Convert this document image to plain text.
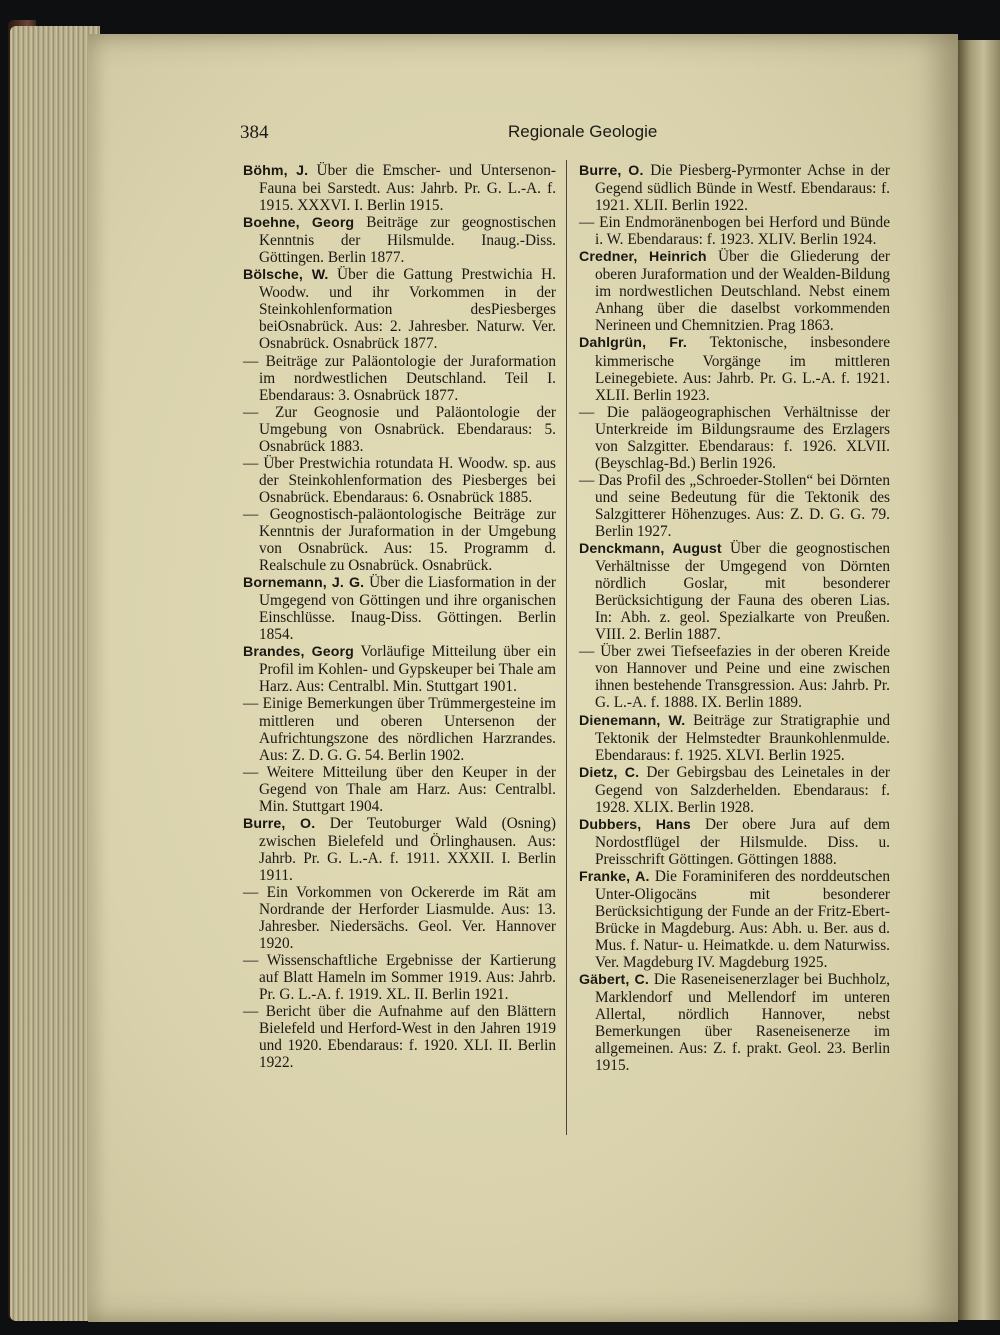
384	Regionale Geologie

Böhm, J. Über die Emscher- und Untersenon-Fauna bei Sarstedt. Aus: Jahrb. Pr. G. L.-A. f. 1915. XXXVI. I. Berlin 1915.

Boehne, Georg Beiträge zur geognostischen Kenntnis der Hilsmulde. Inaug.-Diss. Göttingen. Berlin 1877.

Bölsche, W. Über die Gattung Prestwichia H. Woodw. und ihr Vorkommen in der Steinkohlenformation desPiesberges beiOsnabrück. Aus: 2. Jahresber. Naturw. Ver. Osnabrück. Osnabrück 1877.

— Beiträge zur Paläontologie der Juraformation im nordwestlichen Deutschland. Teil I. Ebendaraus: 3. Osnabrück 1877.

— Zur Geognosie und Paläontologie der Umgebung von Osnabrück. Ebendaraus: 5. Osnabrück 1883.

— Über Prestwichia rotundata H. Woodw. sp. aus der Steinkohlenformation des Piesberges bei Osnabrück. Ebendaraus: 6. Osnabrück 1885.

— Geognostisch-paläontologische Beiträge zur Kenntnis der Juraformation in der Umgebung von Osnabrück. Aus: 15. Programm d. Realschule zu Osnabrück. Osnabrück.

Bornemann, J. G. Über die Liasformation in der Umgegend von Göttingen und ihre organischen Einschlüsse. Inaug-Diss. Göttingen. Berlin 1854.

Brandes, Georg Vorläufige Mitteilung über ein Profil im Kohlen- und Gypskeuper bei Thale am Harz. Aus: Centralbl. Min. Stuttgart 1901.

— Einige Bemerkungen über Trümmergesteine im mittleren und oberen Untersenon der Aufrichtungszone des nördlichen Harzrandes. Aus: Z. D. G. G. 54. Berlin 1902.

— Weitere Mitteilung über den Keuper in der Gegend von Thale am Harz. Aus: Centralbl. Min. Stuttgart 1904.

Burre, O. Der Teutoburger Wald (Osning) zwischen Bielefeld und Örlinghausen. Aus: Jahrb. Pr. G. L.-A. f. 1911. XXXII. I. Berlin 1911.

— Ein Vorkommen von Ockererde im Rät am Nordrande der Herforder Liasmulde. Aus: 13. Jahresber. Niedersächs. Geol. Ver. Hannover 1920.

— Wissenschaftliche Ergebnisse der Kartierung auf Blatt Hameln im Sommer 1919. Aus: Jahrb. Pr. G. L.-A. f. 1919. XL. II. Berlin 1921.

— Bericht über die Aufnahme auf den Blättern Bielefeld und Herford-West in den Jahren 1919 und 1920. Ebendaraus: f. 1920. XLI. II. Berlin 1922.

Burre, O. Die Piesberg-Pyrmonter Achse in der Gegend südlich Bünde in Westf. Ebendaraus: f. 1921. XLII. Berlin 1922.

— Ein Endmoränenbogen bei Herford und Bünde i. W. Ebendaraus: f. 1923. XLIV. Berlin 1924.

Credner, Heinrich Über die Gliederung der oberen Juraformation und der Wealden-Bildung im nordwestlichen Deutschland. Nebst einem Anhang über die daselbst vorkommenden Nerineen und Chemnitzien. Prag 1863.

Dahlgrün, Fr. Tektonische, insbesondere kimmerische Vorgänge im mittleren Leinegebiete. Aus: Jahrb. Pr. G. L.-A. f. 1921. XLII. Berlin 1923.

— Die paläogeographischen Verhältnisse der Unterkreide im Bildungsraume des Erzlagers von Salzgitter. Ebendaraus: f. 1926. XLVII. (Beyschlag-Bd.) Berlin 1926.

— Das Profil des „Schroeder-Stollen“ bei Dörnten und seine Bedeutung für die Tektonik des Salzgitterer Höhenzuges. Aus: Z. D. G. G. 79. Berlin 1927.

Denckmann, August Über die geognostischen Verhältnisse der Umgegend von Dörnten nördlich Goslar, mit besonderer Berücksichtigung der Fauna des oberen Lias. In: Abh. z. geol. Spezialkarte von Preußen. VIII. 2. Berlin 1887.

— Über zwei Tiefseefazies in der oberen Kreide von Hannover und Peine und eine zwischen ihnen bestehende Transgression. Aus: Jahrb. Pr. G. L.-A. f. 1888. IX. Berlin 1889.

Dienemann, W. Beiträge zur Stratigraphie und Tektonik der Helmstedter Braunkohlenmulde. Ebendaraus: f. 1925. XLVI. Berlin 1925.

Dietz, C. Der Gebirgsbau des Leinetales in der Gegend von Salzderhelden. Ebendaraus: f. 1928. XLIX. Berlin 1928.

Dubbers, Hans Der obere Jura auf dem Nordostflügel der Hilsmulde. Diss. u. Preisschrift Göttingen. Göttingen 1888.

Franke, A. Die Foraminiferen des norddeutschen Unter-Oligocäns mit besonderer Berücksichtigung der Funde an der Fritz-Ebert-Brücke in Magdeburg. Aus: Abh. u. Ber. aus d. Mus. f. Natur- u. Heimatkde. u. dem Naturwiss. Ver. Magdeburg IV. Magdeburg 1925.

Gäbert, C. Die Raseneisenerzlager bei Buchholz, Marklendorf und Mellendorf im unteren Allertal, nördlich Hannover, nebst Bemerkungen über Raseneisenerze im allgemeinen. Aus: Z. f. prakt. Geol. 23. Berlin 1915.
